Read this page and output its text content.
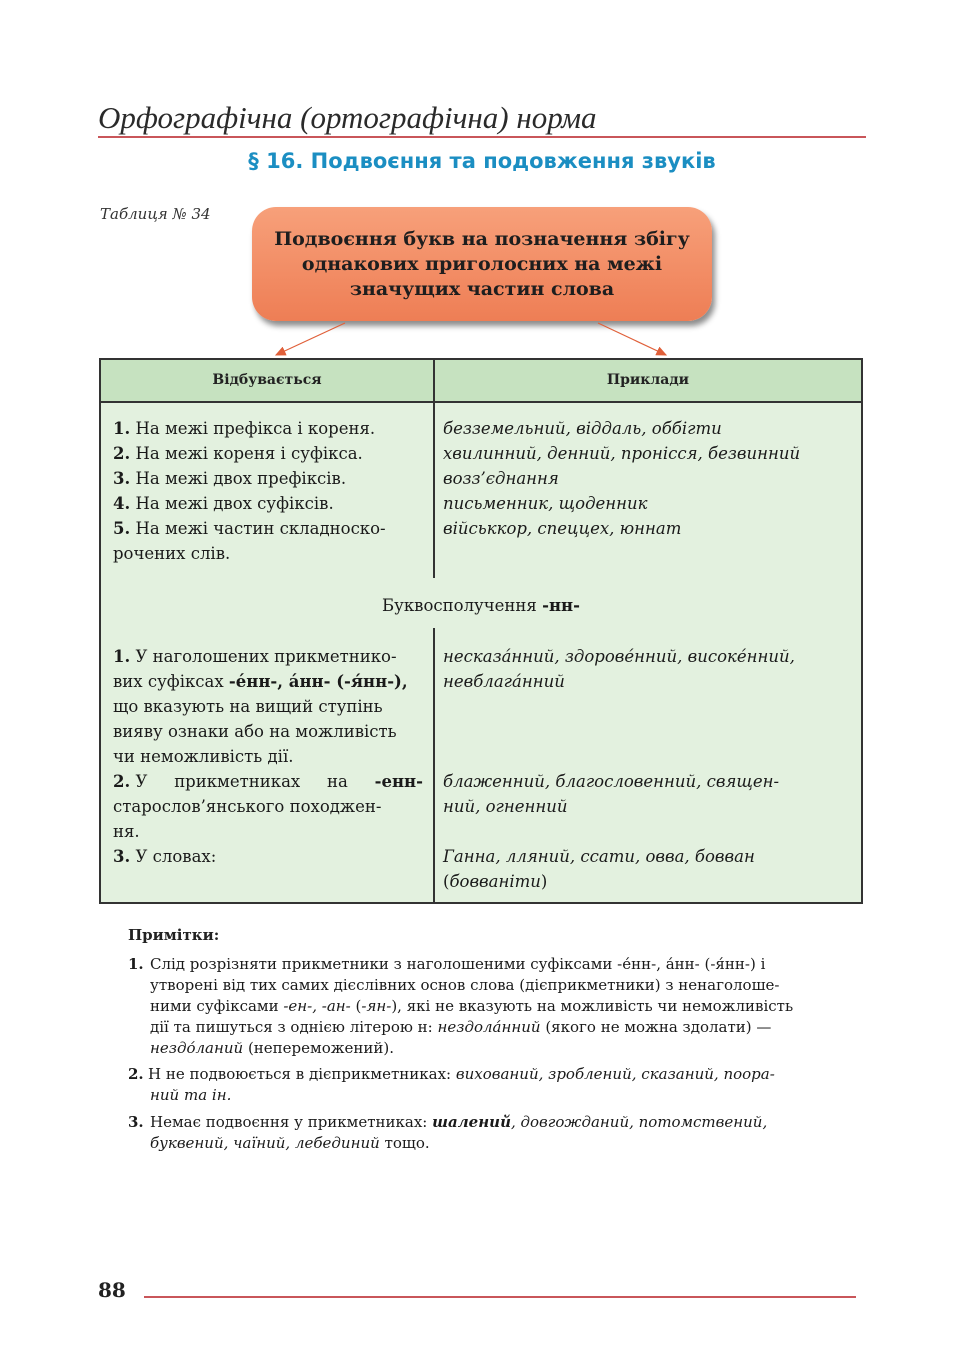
Орфографічна (ортографічна) норма
§ 16. Подвоєння та подовження звуків
Таблиця № 34
Подвоєння букв на позначення збігу
однакових приголосних на межі
значущих частин слова
Відбувається	Приклади
1. На межі префікса і кореня.
2. На межі кореня і суфікса.
3. На межі двох префіксів.
4. На межі двох суфіксів.
5. На межі частин складноско-
рочених слів.
безземельний, віддаль, оббігти
хвилинний, денний, пронісся, безвинний
возз’єднання
письменник, щоденник
військкор, спеццех, юннат
Буквосполучення -нн-
1. У наголошених прикметнико-
вих суфіксах -éнн-, áнн- (-я́нн-),
що вказують на вищий ступінь
вияву ознаки або на можливість
чи неможливість дії.
2. У прикметниках на -енн-
старослов’янського походжен-
ня.
3. У словах:
несказа́нний, здорове́нний, високе́нний,
невблага́нний
блаженний, благословенний, священ-
ний, огненний
Ганна, лляний, ссати, овва, бовван
(бовваніти)
Примітки:
1. Слід розрізняти прикметники з наголошеними суфіксами -е́нн-, а́нн- (-я́нн-) і
утворені від тих самих дієслівних основ слова (дієприкметники) з ненаголоше-
ними суфіксами -ен-, -ан- (-ян-), які не вказують на можливість чи неможливість
дії та пишуться з однією літерою н: нездола́нний (якого не можна здолати) —
нездо́ланий (непереможений).
2. Н не подвоюється в дієприкметниках: вихований, зроблений, сказаний, поора-
ний та ін.
3. Немає подвоєння у прикметниках: шалений, довгожданий, потомствений,
буквений, чаїний, лебединий тощо.
88
